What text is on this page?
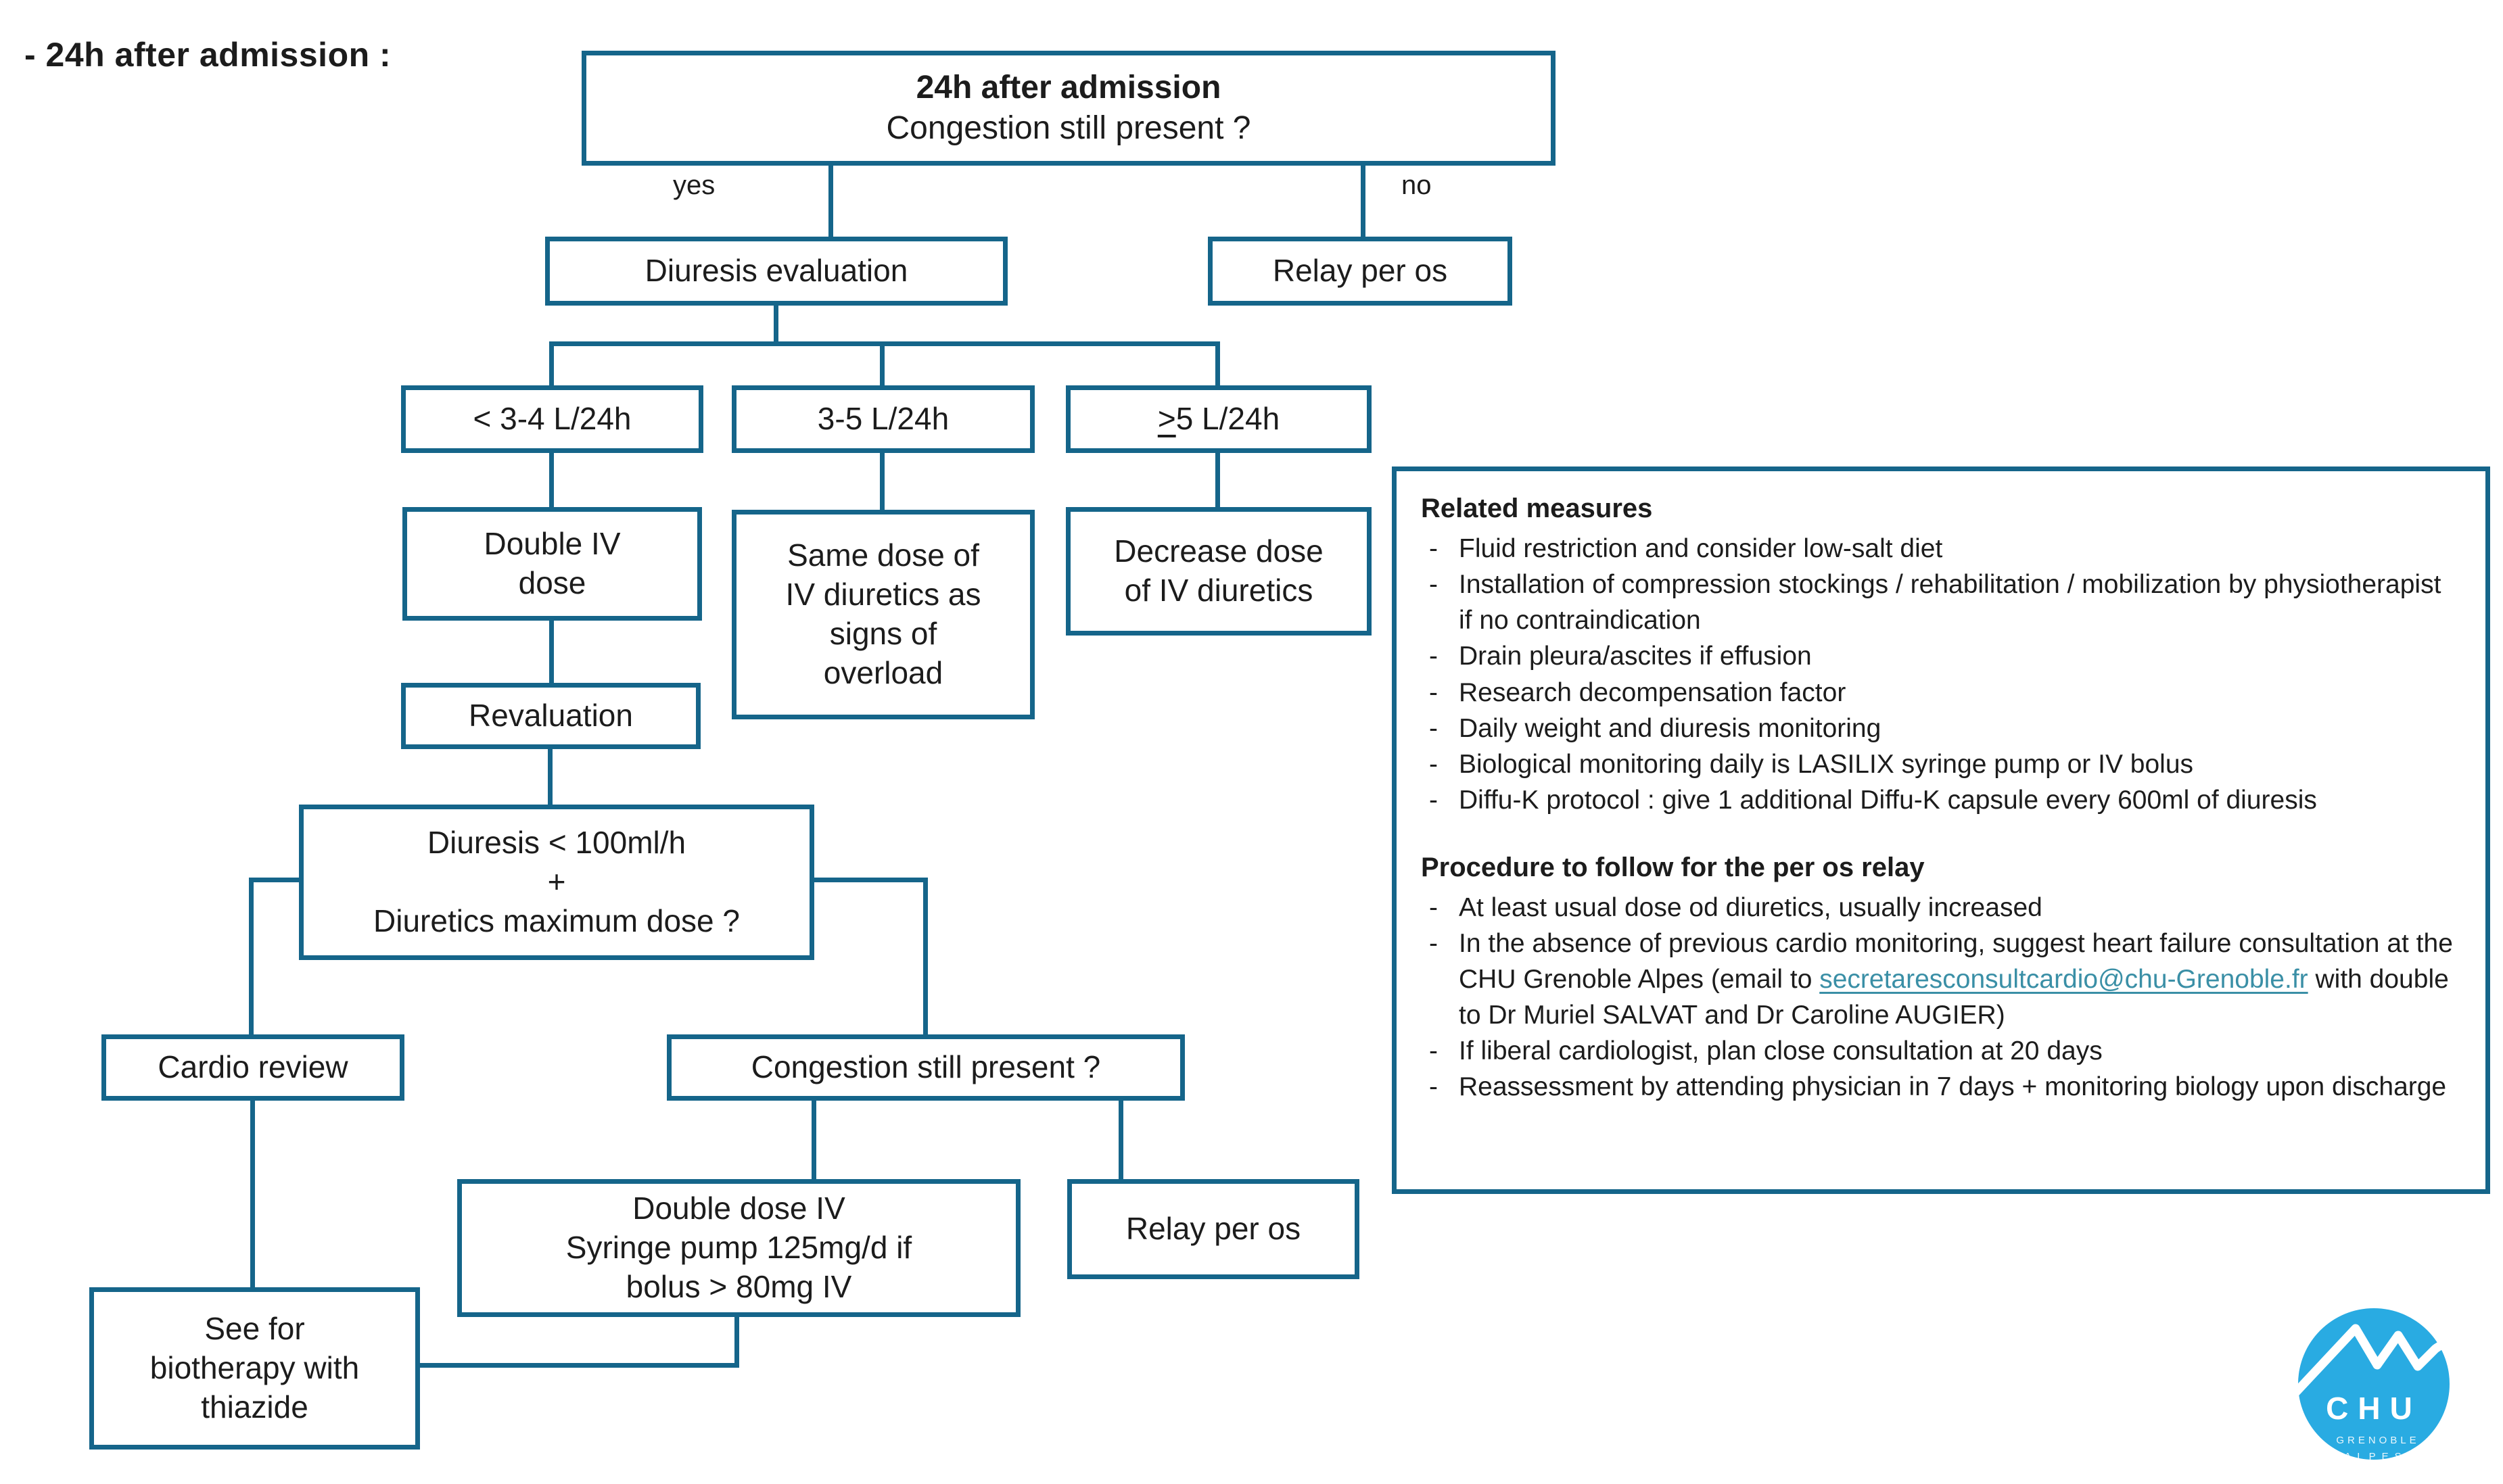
- 24h after admission :
24h after admission
Congestion still present ?
yes	no
Diuresis evaluation	Relay per os
< 3-4 L/24h	3-5 L/24h	≥ 5 L/24h
Double IV
dose
Same dose of
IV diuretics as
signs of
overload
Decrease dose
of IV diuretics
Revaluation
Diuresis < 100ml/h
+
Diuretics maximum dose ?
Cardio review	Congestion still present ?
Double dose IV
Syringe pump 125mg/d if
bolus > 80mg IV
Relay per os
See for
biotherapy with
thiazide
Related measures
- Fluid restriction and consider low-salt diet
- Installation of compression stockings / rehabilitation / mobilization by physiotherapist if no contraindication
- Drain pleura/ascites if effusion
- Research decompensation factor
- Daily weight and diuresis monitoring
- Biological monitoring daily is LASILIX syringe pump or IV bolus
- Diffu-K protocol : give 1 additional Diffu-K capsule every 600ml of diuresis
Procedure to follow for the per os relay
- At least usual dose od diuretics, usually increased
- In the absence of previous cardio monitoring, suggest heart failure consultation at the CHU Grenoble Alpes (email to secretaresconsultcardio@chu-Grenoble.fr with double to Dr Muriel SALVAT and Dr Caroline AUGIER)
- If liberal cardiologist, plan close consultation at 20 days
- Reassessment by attending physician in 7 days + monitoring biology upon discharge
CHU
GRENOBLE
ALPES
